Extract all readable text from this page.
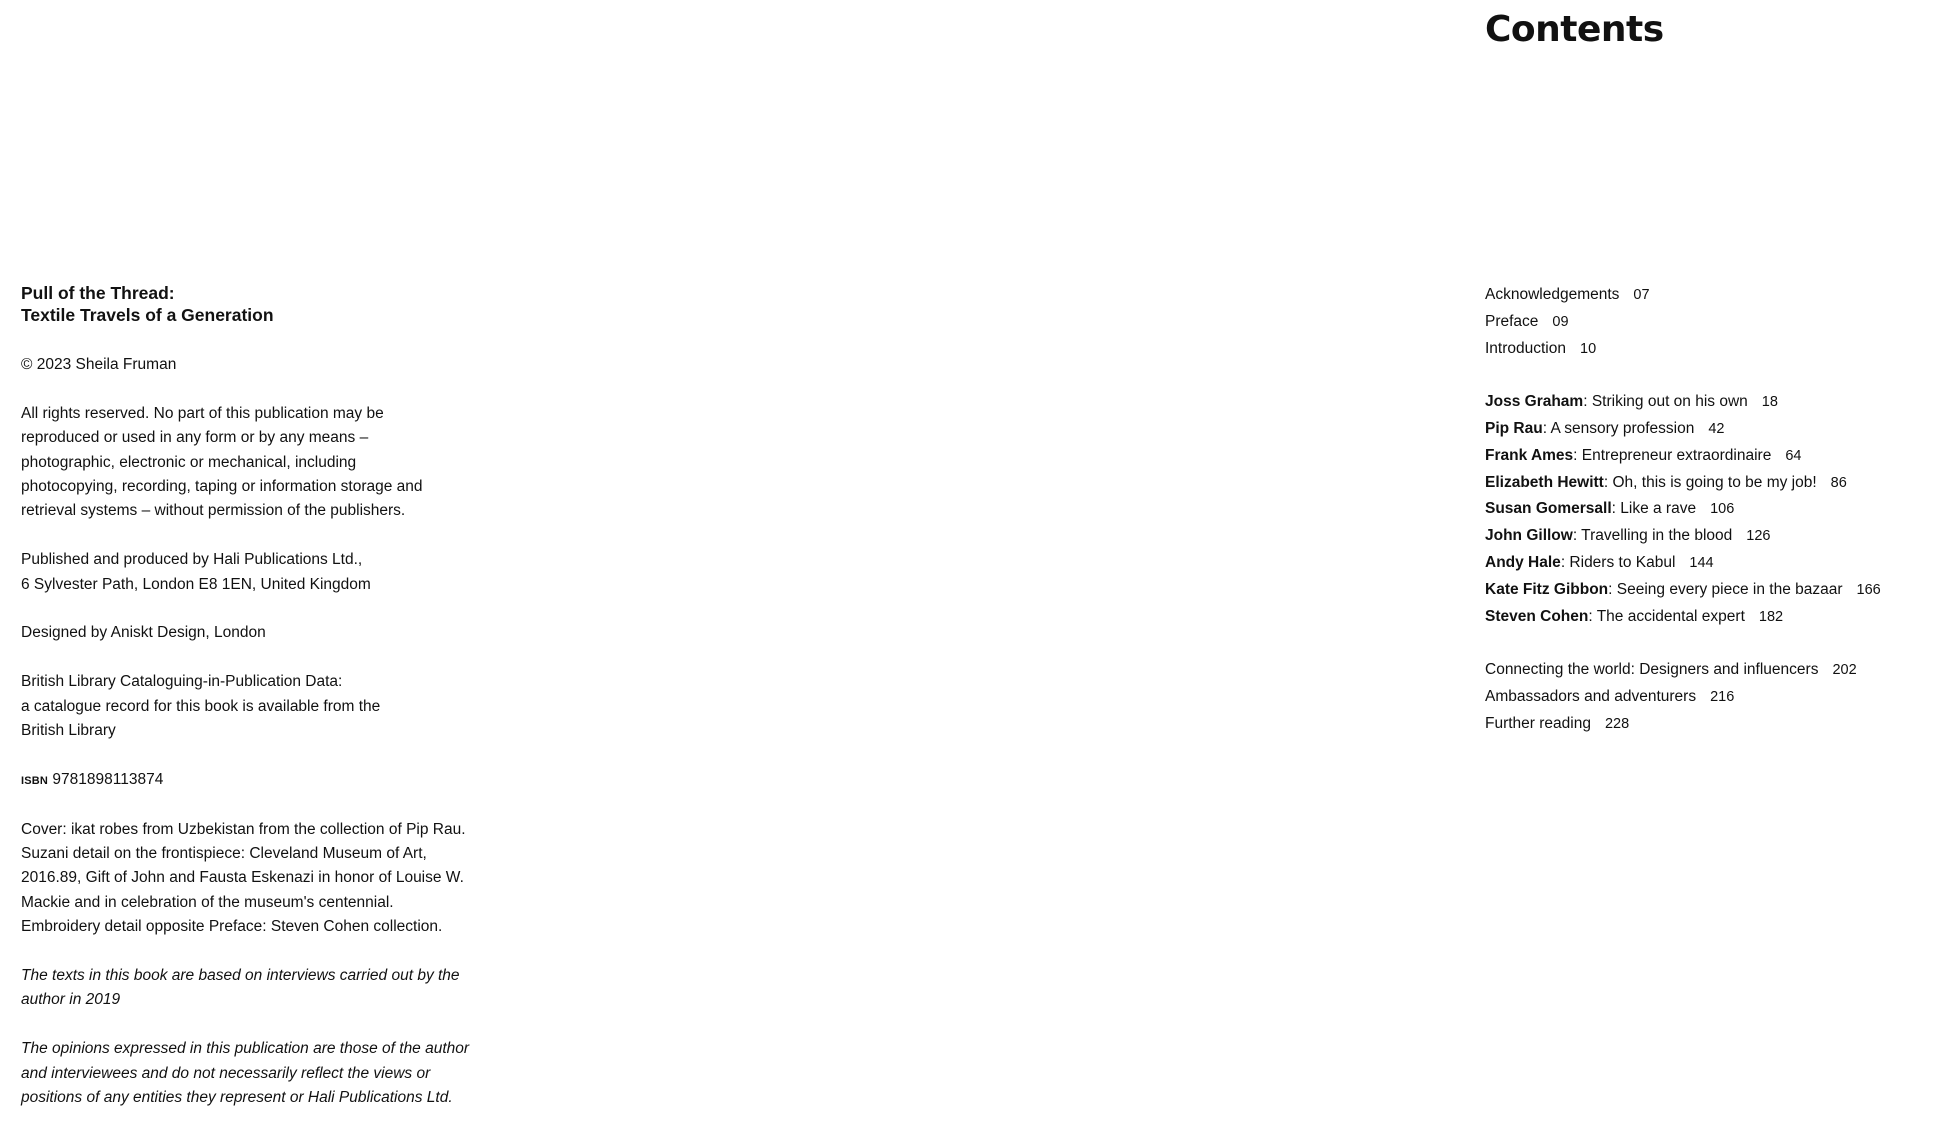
Pull of the Thread:
Textile Travels of a Generation
© 2023 Sheila Fruman
All rights reserved. No part of this publication may be
reproduced or used in any form or by any means –
photographic, electronic or mechanical, including
photocopying, recording, taping or information storage and
retrieval systems – without permission of the publishers.
Published and produced by Hali Publications Ltd.,
6 Sylvester Path, London E8 1EN, United Kingdom
Designed by Aniskt Design, London
British Library Cataloguing-in-Publication Data:
a catalogue record for this book is available from the
British Library
ISBN 9781898113874
Cover: ikat robes from Uzbekistan from the collection of Pip Rau.
Suzani detail on the frontispiece: Cleveland Museum of Art,
2016.89, Gift of John and Fausta Eskenazi in honor of Louise W.
Mackie and in celebration of the museum's centennial.
Embroidery detail opposite Preface: Steven Cohen collection.
The texts in this book are based on interviews carried out by the
author in 2019
The opinions expressed in this publication are those of the author
and interviewees and do not necessarily reflect the views or
positions of any entities they represent or Hali Publications Ltd.
Contents
Acknowledgements 07
Preface 09
Introduction 10
Joss Graham: Striking out on his own 18
Pip Rau: A sensory profession 42
Frank Ames: Entrepreneur extraordinaire 64
Elizabeth Hewitt: Oh, this is going to be my job! 86
Susan Gomersall: Like a rave 106
John Gillow: Travelling in the blood 126
Andy Hale: Riders to Kabul 144
Kate Fitz Gibbon: Seeing every piece in the bazaar 166
Steven Cohen: The accidental expert 182
Connecting the world: Designers and influencers 202
Ambassadors and adventurers 216
Further reading 228
